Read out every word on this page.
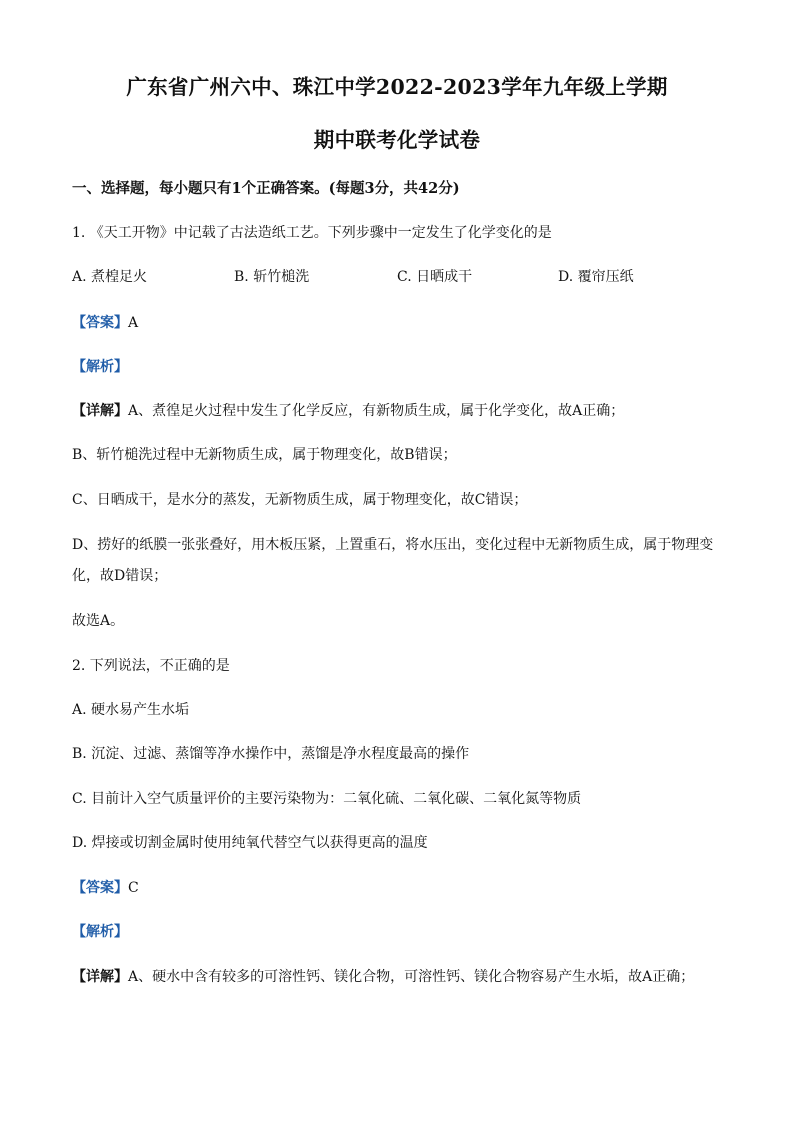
广东省广州六中、珠江中学2022-2023学年九年级上学期
期中联考化学试卷
一、选择题，每小题只有1个正确答案。(每题3分，共42分)
1. 《天工开物》中记载了古法造纸工艺。下列步骤中一定发生了化学变化的是
A. 煮楻足火	B. 斩竹槌洗	C. 日晒成干	D. 覆帘压纸
【答案】A
【解析】
【详解】A、煮徨足火过程中发生了化学反应，有新物质生成，属于化学变化，故A正确；
B、斩竹槌洗过程中无新物质生成，属于物理变化，故B错误；
C、日晒成干，是水分的蒸发，无新物质生成，属于物理变化，故C错误；
D、捞好的纸膜一张张叠好，用木板压紧，上置重石，将水压出，变化过程中无新物质生成，属于物理变
化，故D错误；
故选A。
2. 下列说法，不正确的是
A. 硬水易产生水垢
B. 沉淀、过滤、蒸馏等净水操作中，蒸馏是净水程度最高的操作
C. 目前计入空气质量评价的主要污染物为：二氧化硫、二氧化碳、二氧化氮等物质
D. 焊接或切割金属时使用纯氧代替空气以获得更高的温度
【答案】C
【解析】
【详解】A、硬水中含有较多的可溶性钙、镁化合物，可溶性钙、镁化合物容易产生水垢，故A正确；
